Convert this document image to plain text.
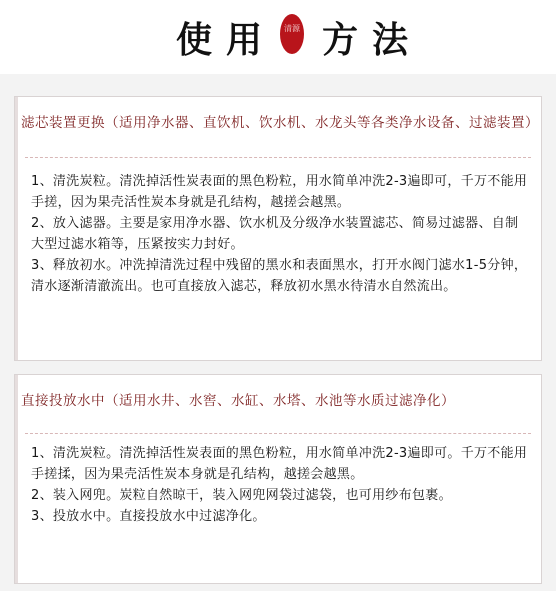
使用 清源 方法
滤芯装置更换（适用净水器、直饮机、饮水机、水龙头等各类净水设备、过滤装置）

1、清洗炭粒。清洗掉活性炭表面的黑色粉粒，用水简单冲洗2-3遍即可，千万不能用手搓，因为果壳活性炭本身就是孔结构，越搓会越黑。

2、放入滤器。主要是家用净水器、饮水机及分级净水装置滤芯、简易过滤器、自制大型过滤水箱等，压紧按实力封好。

3、释放初水。冲洗掉清洗过程中残留的黑水和表面黑水，打开水阀门滤水1-5分钟，清水逐渐清澈流出。也可直接放入滤芯，释放初水黑水待清水自然流出。

直接投放水中（适用水井、水窖、水缸、水塔、水池等水质过滤净化）

1、清洗炭粒。清洗掉活性炭表面的黑色粉粒，用水简单冲洗2-3遍即可。千万不能用手搓揉，因为果壳活性炭本身就是孔结构，越搓会越黑。

2、装入网兜。炭粒自然晾干，装入网兜网袋过滤袋，也可用纱布包裹。

3、投放水中。直接投放水中过滤净化。
